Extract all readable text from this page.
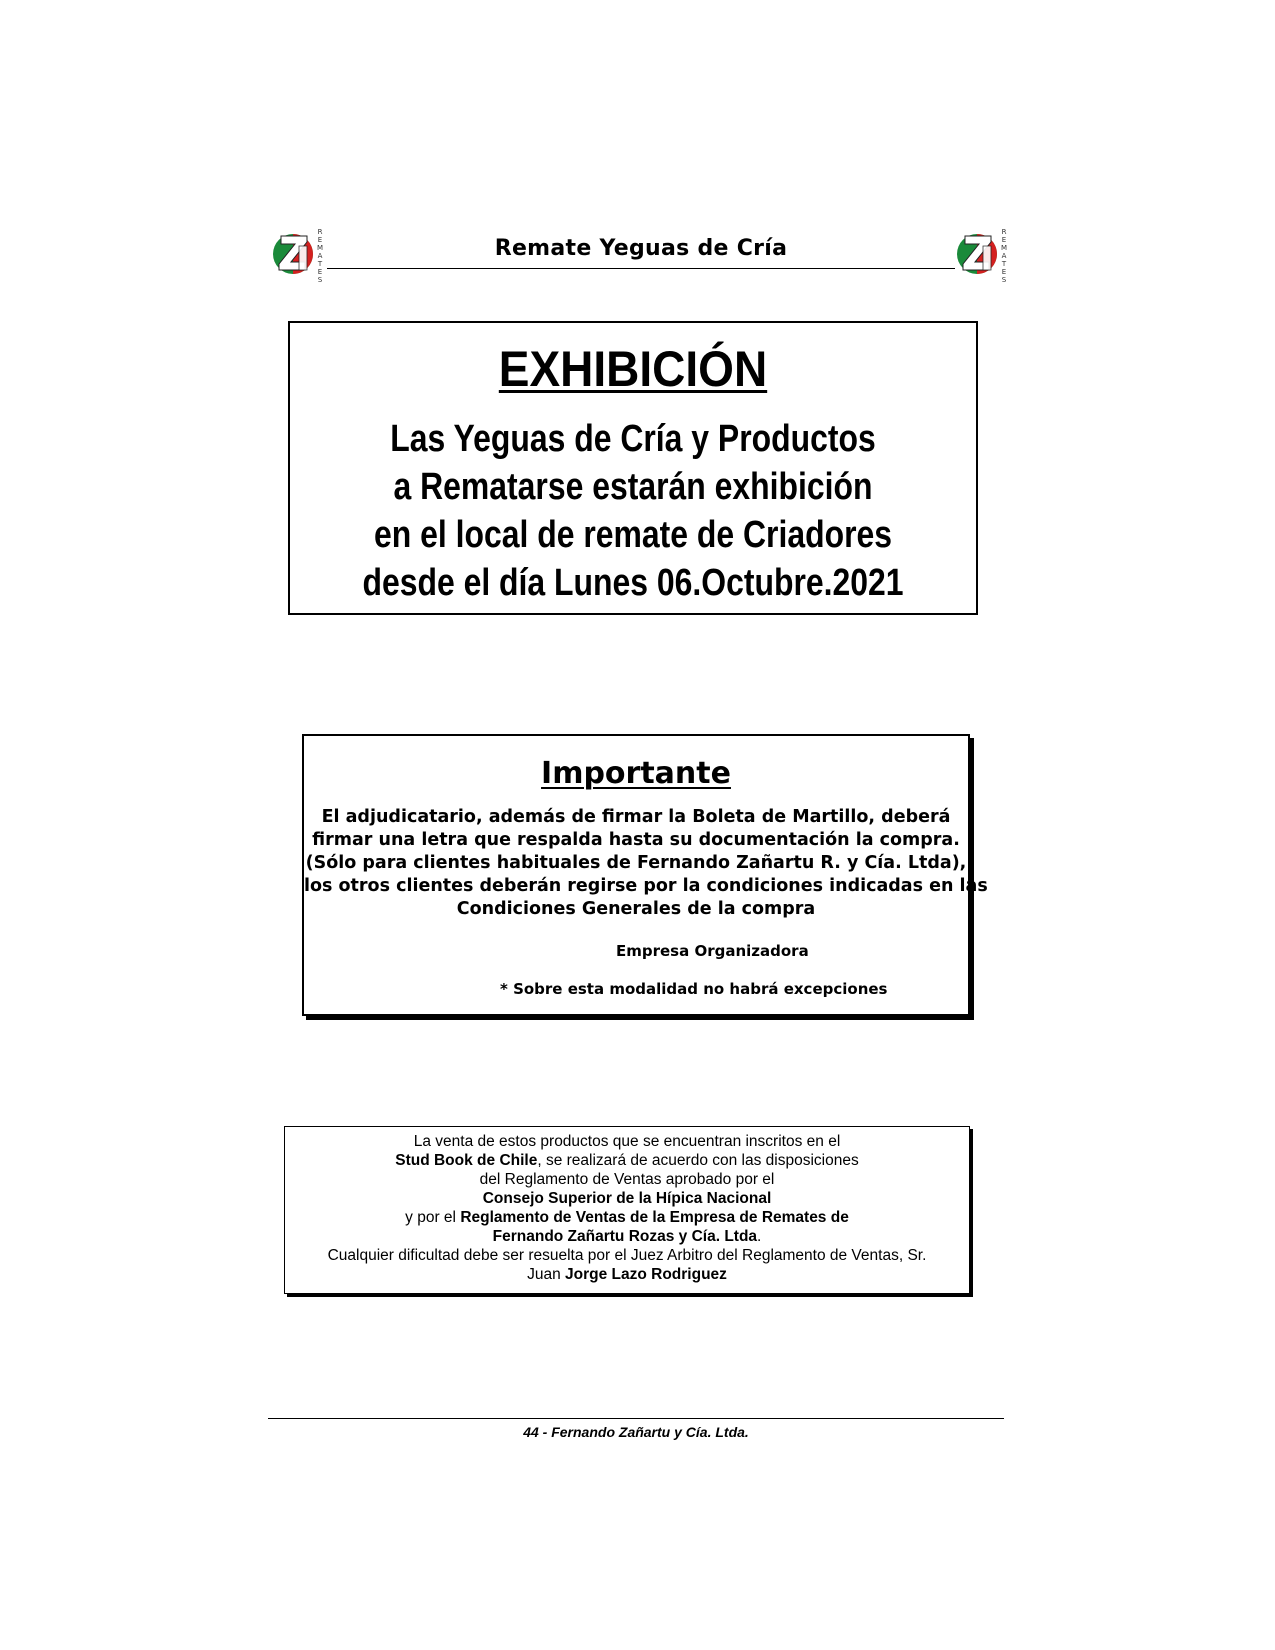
R
E
M
A
T
E
S
Remate Yeguas de Cría
R
E
M
A
T
E
S
EXHIBICIÓN
Las Yeguas de Cría y Productos
a Rematarse estarán exhibición
en el local de remate de Criadores
desde el día Lunes 06.Octubre.2021
Importante
El adjudicatario, además de firmar la Boleta de Martillo, deberá
firmar una letra que respalda hasta su documentación la compra.
(Sólo para clientes habituales de Fernando Zañartu R. y Cía. Ltda),
los otros clientes deberán regirse por la condiciones indicadas en las
Condiciones Generales de la compra
Empresa Organizadora
* Sobre esta modalidad no habrá excepciones
La venta de estos productos que se encuentran inscritos en el
Stud Book de Chile, se realizará de acuerdo con las disposiciones
del Reglamento de Ventas aprobado por el
Consejo Superior de la Hípica Nacional
y por el Reglamento de Ventas de la Empresa de Remates de
Fernando Zañartu Rozas y Cía. Ltda.
Cualquier dificultad debe ser resuelta por el Juez Arbitro del Reglamento de Ventas, Sr.
Juan Jorge Lazo Rodriguez
44 - Fernando Zañartu y Cía. Ltda.
